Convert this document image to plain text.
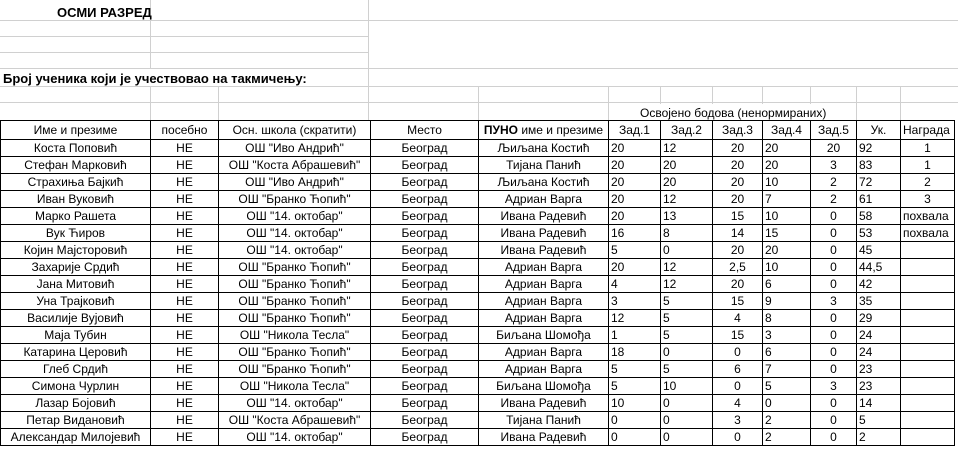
ОСМИ РАЗРЕД
Број ученика који је учествовао на такмичењу:
Освојено бодова (ненормираних)
Име и презиме	посебно	Осн. школа (скратити)	Место	ПУНО име и презиме	Зад.1	Зад.2	Зад.3	Зад.4	Зад.5	Ук.	Награда
Коста Поповић	НЕ	ОШ "Иво Андрић"	Београд	Љиљана Костић	20	12	20	20	20	92	1
Стефан Марковић	НЕ	ОШ "Коста Абрашевић"	Београд	Тијана Панић	20	20	20	20	3	83	1
Страхиња Бајкић	НЕ	ОШ "Иво Андрић"	Београд	Љиљана Костић	20	20	20	10	2	72	2
Иван Вуковић	НЕ	ОШ "Бранко Ћопић"	Београд	Адриан Варга	20	12	20	7	2	61	3
Марко Рашета	НЕ	ОШ "14. октобар"	Београд	Ивана Радевић	20	13	15	10	0	58	похвала
Вук Ћиров	НЕ	ОШ "14. октобар"	Београд	Ивана Радевић	16	8	14	15	0	53	похвала
Којин Мајсторовић	НЕ	ОШ "14. октобар"	Београд	Ивана Радевић	5	0	20	20	0	45	
Захарије Срдић	НЕ	ОШ "Бранко Ћопић"	Београд	Адриан Варга	20	12	2,5	10	0	44,5	
Јана Митовић	НЕ	ОШ "Бранко Ћопић"	Београд	Адриан Варга	4	12	20	6	0	42	
Уна Трајковић	НЕ	ОШ "Бранко Ћопић"	Београд	Адриан Варга	3	5	15	9	3	35	
Василије Вујовић	НЕ	ОШ "Бранко Ћопић"	Београд	Адриан Варга	12	5	4	8	0	29	
Маја Тубин	НЕ	ОШ "Никола Тесла"	Београд	Биљана Шомођа	1	5	15	3	0	24	
Катарина Церовић	НЕ	ОШ "Бранко Ћопић"	Београд	Адриан Варга	18	0	0	6	0	24	
Глеб Срдић	НЕ	ОШ "Бранко Ћопић"	Београд	Адриан Варга	5	5	6	7	0	23	
Симона Чурлин	НЕ	ОШ "Никола Тесла"	Београд	Биљана Шомођа	5	10	0	5	3	23	
Лазар Бојовић	НЕ	ОШ "14. октобар"	Београд	Ивана Радевић	10	0	4	0	0	14	
Петар Видановић	НЕ	ОШ "Коста Абрашевић"	Београд	Тијана Панић	0	0	3	2	0	5	
Александар Милојевић	НЕ	ОШ "14. октобар"	Београд	Ивана Радевић	0	0	0	2	0	2	
